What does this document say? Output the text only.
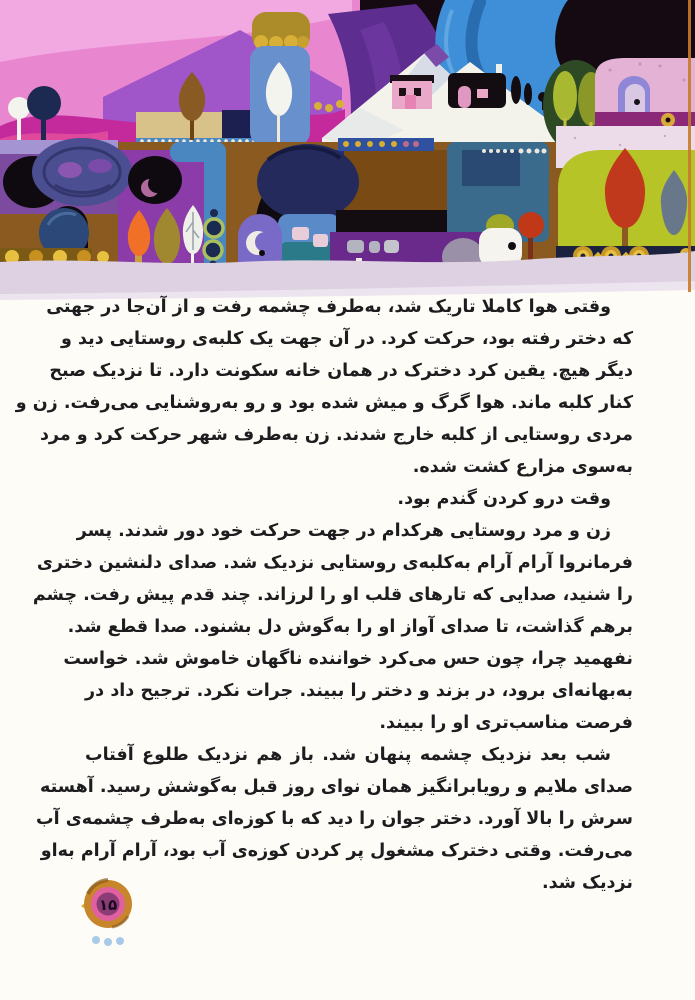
وقتی هوا کاملا تاریک شد، به‌طرف چشمه رفت و از آن‌جا در جهتی
که دختر رفته بود، حرکت کرد. در آن جهت یک کلبه‌ی روستایی دید و
دیگر هیچ. یقین کرد دخترک در همان خانه سکونت دارد. تا نزدیک صبح
کنار کلبه ماند. هوا گرگ و میش شده بود و رو به‌روشنایی می‌رفت. زن و
مردی روستایی از کلبه خارج شدند. زن به‌طرف شهر حرکت کرد و مرد
به‌سوی مزارع کشت شده.
وقت درو کردن گندم بود.
زن و مرد روستایی هرکدام در جهت حرکت خود دور شدند. پسر
فرمانروا آرام آرام به‌کلبه‌ی روستایی نزدیک شد. صدای دلنشین دختری
را شنید، صدایی که تارهای قلب او را لرزاند. چند قدم پیش رفت. چشم
برهم گذاشت، تا صدای آواز او را به‌گوش دل بشنود. صدا قطع شد.
نفهمید چرا، چون حس می‌کرد خواننده ناگهان خاموش شد. خواست
به‌بهانه‌ای برود، در بزند و دختر را ببیند. جرات نکرد. ترجیح داد در
فرصت مناسب‌تری او را ببیند.
شب بعد نزدیک چشمه پنهان شد. باز هم نزدیک طلوع آفتاب
صدای ملایم و رویابرانگیز همان نوای روز قبل به‌گوشش رسید. آهسته
سرش را بالا آورد. دختر جوان را دید که با کوزه‌ای به‌طرف چشمه‌ی آب
می‌رفت. وقتی دخترک مشغول پر کردن کوزه‌ی آب بود، آرام آرام به‌او
نزدیک شد.
۱۵
